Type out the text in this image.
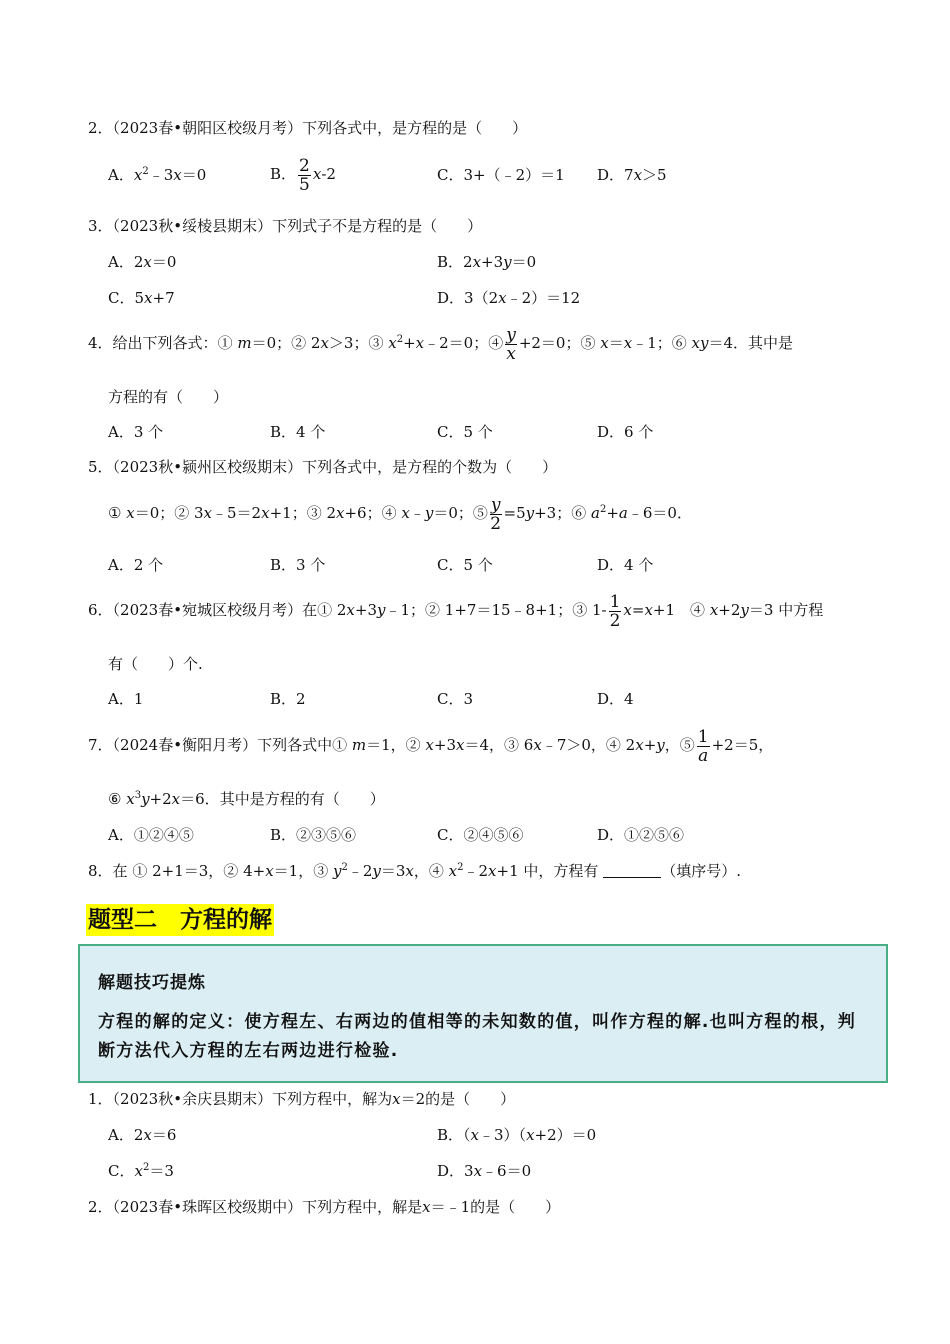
2．（2023春•朝阳区校级月考）下列各式中，是方程的是（　　）
A．$x^2﹣3x=0$	B． $\frac{2}{5} x-2$	C．3+（﹣2）＝1 D．7x＞5
3．（2023秋•绥棱县期末）下列式子不是方程的是（　　）
A．2x＝0	B．2x+3y＝0
C．5x+7	D．3（2x﹣2）＝12
4．给出下列各式：① m＝0；② 2x＞3；③ $x^2+x﹣2=0$；④ $\frac{y}{x} +2=0$；⑤ x＝x﹣1；⑥ xy＝4．其中是
方程的有（　　）
A．3 个	B．4 个	C．5 个	D．6 个
5．（2023秋•颍州区校级期末）下列各式中，是方程的个数为（　　）
① x＝0；② 3x﹣5＝2x+1；③ 2x+6；④ x﹣y＝0；⑤ $\frac{y}{2} =5y+3$；⑥ $a^2+a﹣6=0$．
A．2 个	B．3 个	C．5 个	D．4 个
6．（2023春•宛城区校级月考）在① 2x+3y﹣1；② 1+7＝15﹣8+1；③ $1- \frac{1}{2} x=x+1$　④ x+2y＝3 中方程
有（　　）个.
A．1	B．2	C．3	D．4
7．（2024春•衡阳月考）下列各式中① m＝1，② x+3x＝4，③ 6x﹣7＞0，④ 2x+y，⑤ $\frac{1}{a} +2=5$，
⑥ $x^3y+2x=6$．其中是方程的有（　　）
A．①②④⑤	B．②③⑤⑥	C．②④⑤⑥	D．①②⑤⑥
8．在 ① 2+1＝3，② 4+x＝1，③ $y^2﹣2y=3x$，④ $x^2﹣2x+1$ 中，方程有	（填序号）.
题型二　方程的解
解题技巧提炼
方程的解的定义：使方程左、右两边的值相等的未知数的值，叫作方程的解.也叫方程的根，判断方法代入方程的左右两边进行检验.
1．（2023秋•余庆县期末）下列方程中，解为x＝2的是（　　）
A．2x＝6	B．（x﹣3）（x+2）＝0
C．$x^2=3$	D．3x﹣6＝0
2．（2023春•珠晖区校级期中）下列方程中，解是x＝﹣1的是（　　）
